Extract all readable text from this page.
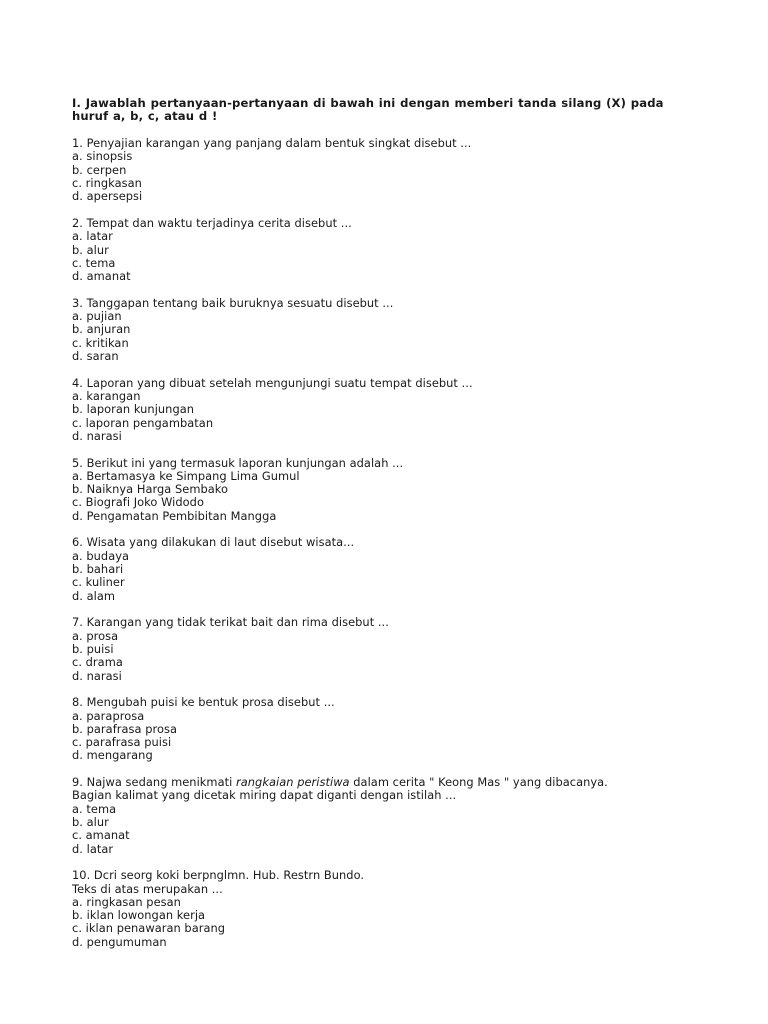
I. Jawablah pertanyaan-pertanyaan di bawah ini dengan memberi tanda silang (X) pada
huruf a, b, c, atau d !
1. Penyajian karangan yang panjang dalam bentuk singkat disebut ...
a. sinopsis
b. cerpen
c. ringkasan
d. apersepsi
2. Tempat dan waktu terjadinya cerita disebut ...
a. latar
b. alur
c. tema
d. amanat
3. Tanggapan tentang baik buruknya sesuatu disebut ...
a. pujian
b. anjuran
c. kritikan
d. saran
4. Laporan yang dibuat setelah mengunjungi suatu tempat disebut ...
a. karangan
b. laporan kunjungan
c. laporan pengambatan
d. narasi
5. Berikut ini yang termasuk laporan kunjungan adalah ...
a. Bertamasya ke Simpang Lima Gumul
b. Naiknya Harga Sembako
c. Biografi Joko Widodo
d. Pengamatan Pembibitan Mangga
6. Wisata yang dilakukan di laut disebut wisata...
a. budaya
b. bahari
c. kuliner
d. alam
7. Karangan yang tidak terikat bait dan rima disebut ...
a. prosa
b. puisi
c. drama
d. narasi
8. Mengubah puisi ke bentuk prosa disebut ...
a. paraprosa
b. parafrasa prosa
c. parafrasa puisi
d. mengarang
9. Najwa sedang menikmati rangkaian peristiwa dalam cerita " Keong Mas " yang dibacanya.
Bagian kalimat yang dicetak miring dapat diganti dengan istilah ...
a. tema
b. alur
c. amanat
d. latar
10. Dcri seorg koki berpnglmn. Hub. Restrn Bundo.
Teks di atas merupakan ...
a. ringkasan pesan
b. iklan lowongan kerja
c. iklan penawaran barang
d. pengumuman
